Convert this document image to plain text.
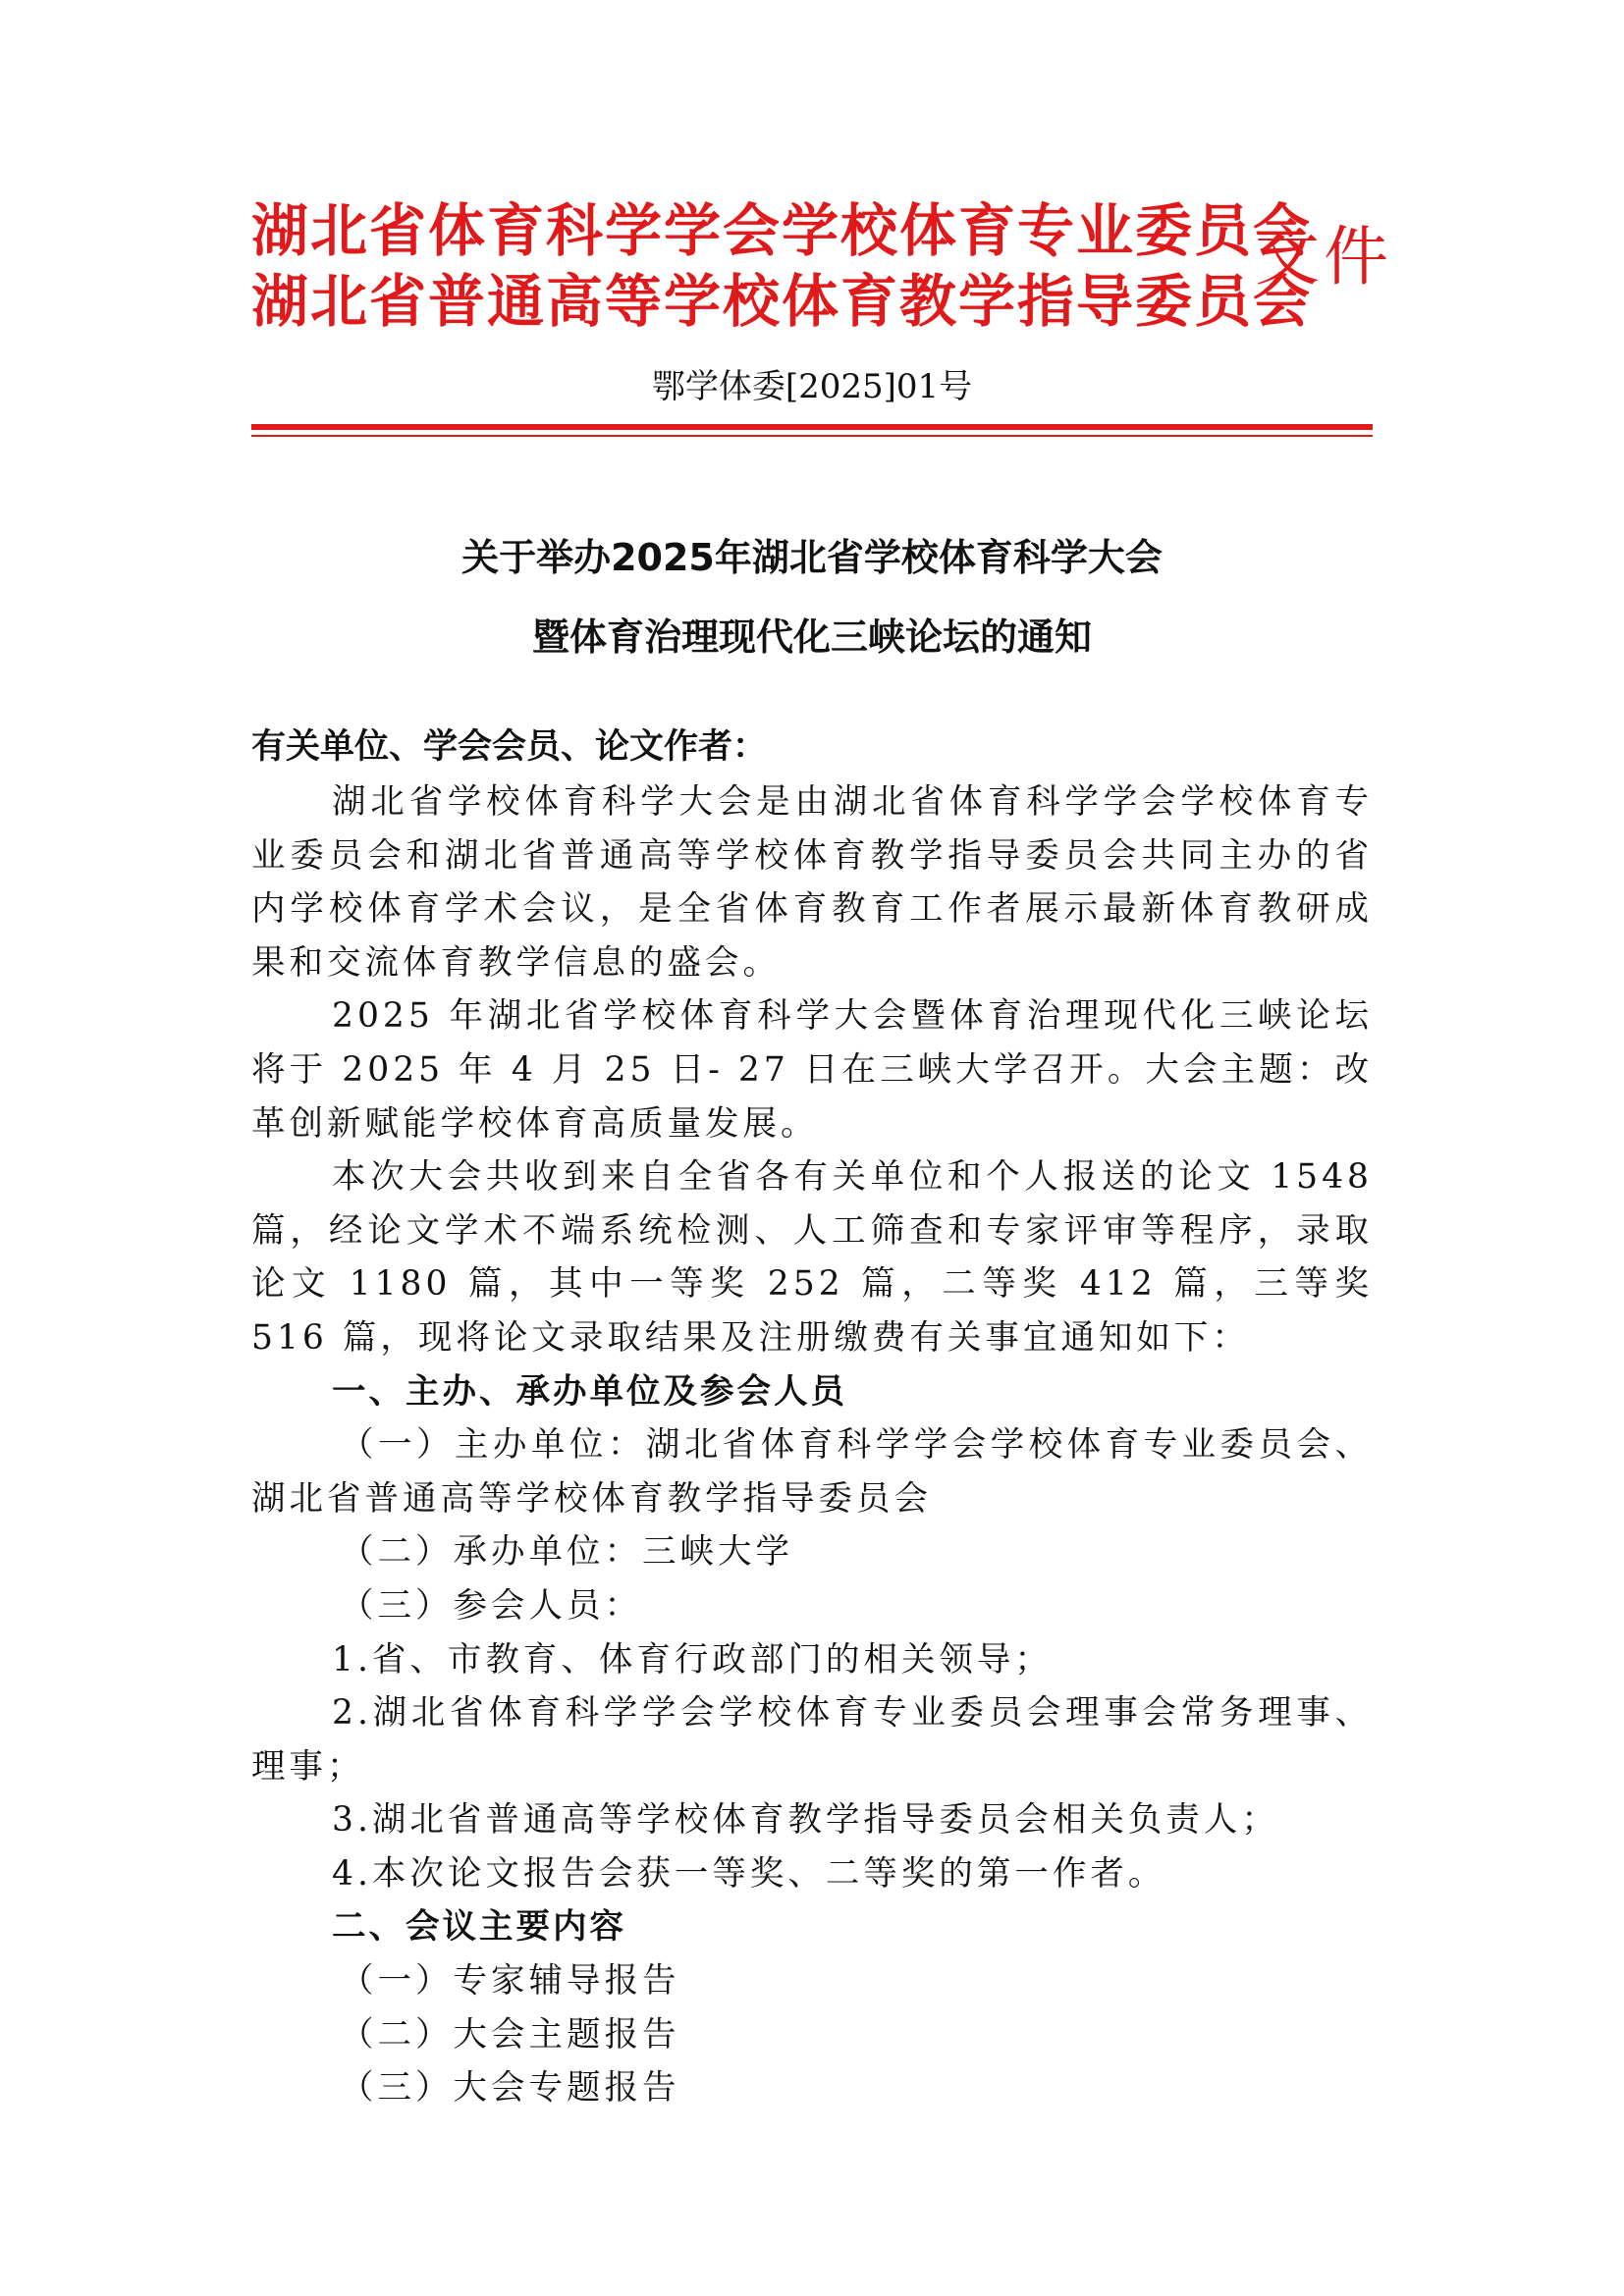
湖北省体育科学学会学校体育专业委员会
湖北省普通高等学校体育教学指导委员会
文件
鄂学体委[2025]01号
关于举办2025年湖北省学校体育科学大会
暨体育治理现代化三峡论坛的通知
有关单位、学会会员、论文作者：

湖北省学校体育科学大会是由湖北省体育科学学会学校体育专业委员会和湖北省普通高等学校体育教学指导委员会共同主办的省内学校体育学术会议，是全省体育教育工作者展示最新体育教研成果和交流体育教学信息的盛会。

2025 年湖北省学校体育科学大会暨体育治理现代化三峡论坛将于 2025 年 4 月 25 日- 27 日在三峡大学召开。大会主题：改革创新赋能学校体育高质量发展。

本次大会共收到来自全省各有关单位和个人报送的论文 1548 篇，经论文学术不端系统检测、人工筛查和专家评审等程序，录取论文 1180 篇，其中一等奖 252 篇，二等奖 412 篇，三等奖 516 篇，现将论文录取结果及注册缴费有关事宜通知如下：

一、主办、承办单位及参会人员

（一）主办单位：湖北省体育科学学会学校体育专业委员会、湖北省普通高等学校体育教学指导委员会

（二）承办单位：三峡大学

（三）参会人员：

1.省、市教育、体育行政部门的相关领导；

2.湖北省体育科学学会学校体育专业委员会理事会常务理事、理事；

3.湖北省普通高等学校体育教学指导委员会相关负责人；

4.本次论文报告会获一等奖、二等奖的第一作者。

二、会议主要内容

（一）专家辅导报告

（二）大会主题报告

（三）大会专题报告
